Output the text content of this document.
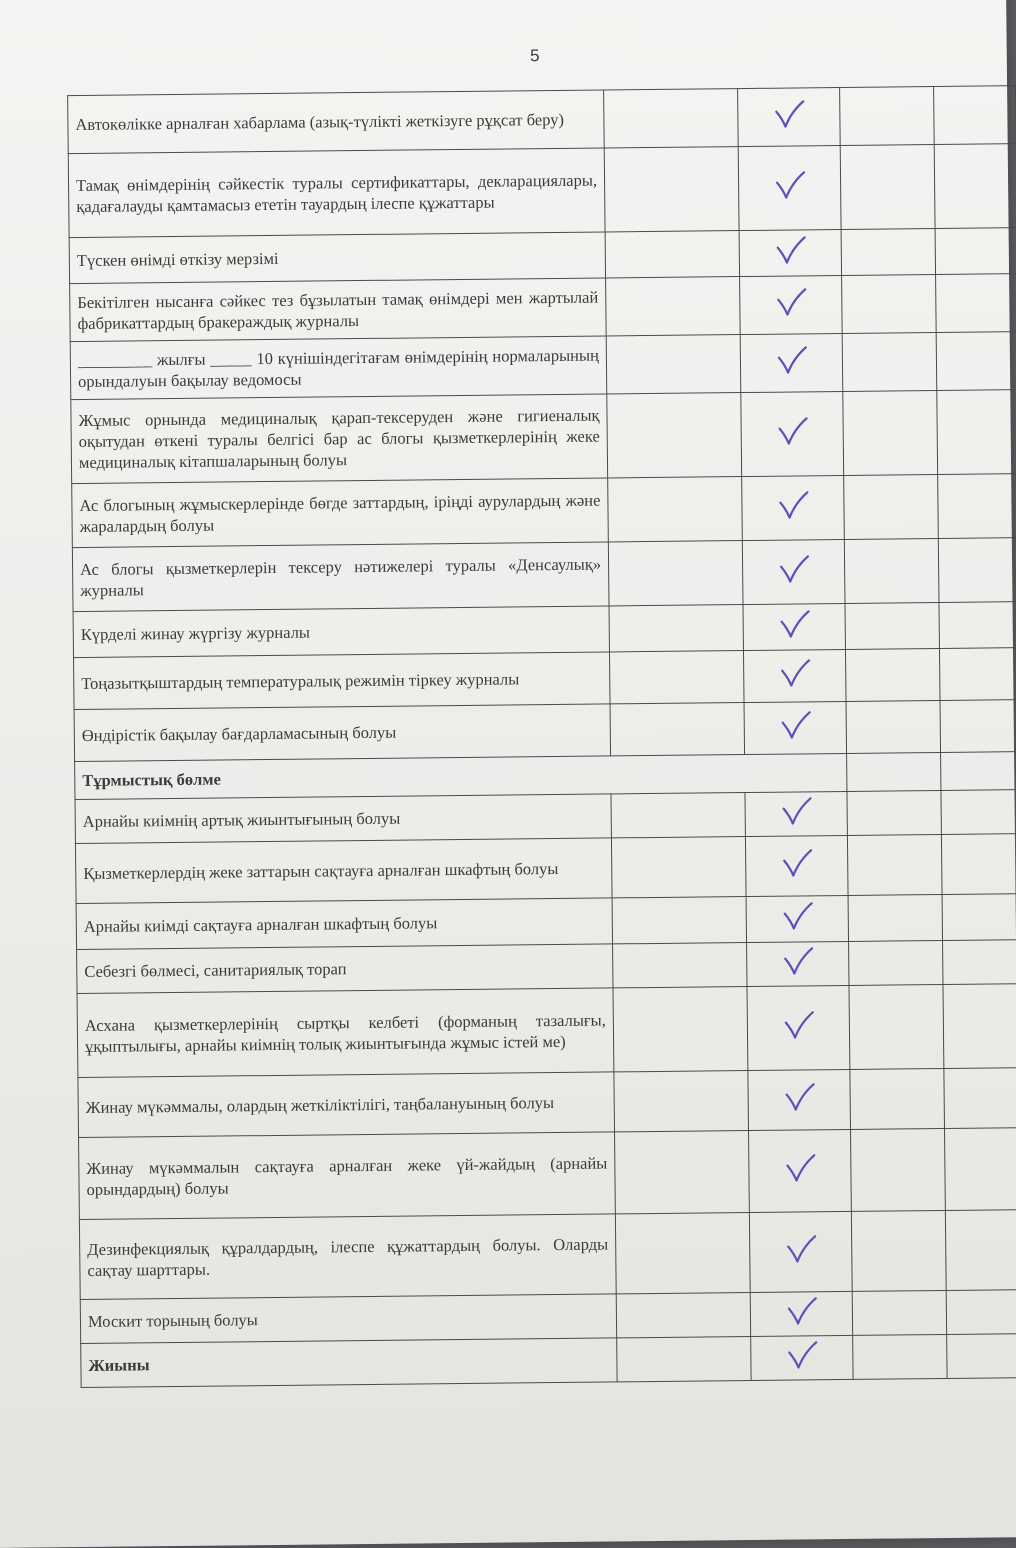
5
Автокөлікке арналған хабарлама (азық-түлікті жеткізуге рұқсат беру)				
Тамақ өнімдерінің сәйкестік туралы сертификаттары, декларациялары, қадағалауды қамтамасыз ететін тауардың ілеспе құжаттары				
Түскен өнімді өткізу мерзімі				
Бекітілген нысанға сәйкес тез бұзылатын тамақ өнімдері мен жартылай фабрикаттардың бракераждық журналы				
_________ жылғы _____ 10 күнішіндегітағам өнімдерінің нормаларының орындалуын бақылау ведомосы				
Жұмыс орнында медициналық қарап-тексеруден және гигиеналық оқытудан өткені туралы белгісі бар ас блогы қызметкерлерінің жеке медициналық кітапшаларының болуы				
Ас блогының жұмыскерлерінде бөгде заттардың, іріңді аурулардың және жаралардың болуы				
Ас блогы қызметкерлерін тексеру нәтижелері туралы «Денсаулық» журналы				
Күрделі жинау жүргізу журналы				
Тоңазытқыштардың температуралық режимін тіркеу журналы				
Өндірістік бақылау бағдарламасының болуы				
Тұрмыстық бөлме				
Арнайы киімнің артық жиынтығының болуы				
Қызметкерлердің жеке заттарын сақтауға арналған шкафтың болуы				
Арнайы киімді сақтауға арналған шкафтың болуы				
Себезгі бөлмесі, санитариялық торап				
Асхана қызметкерлерінің сыртқы келбеті (форманың тазалығы, ұқыптылығы, арнайы киімнің толық жиынтығында жұмыс істей ме)				
Жинау мүкәммалы, олардың жеткіліктілігі, таңбалануының болуы				
Жинау мүкәммалын сақтауға арналған жеке үй-жайдың (арнайы орындардың) болуы				
Дезинфекциялық құралдардың, ілеспе құжаттардың болуы. Оларды сақтау шарттары.				
Москит торының болуы				
Жиыны				
